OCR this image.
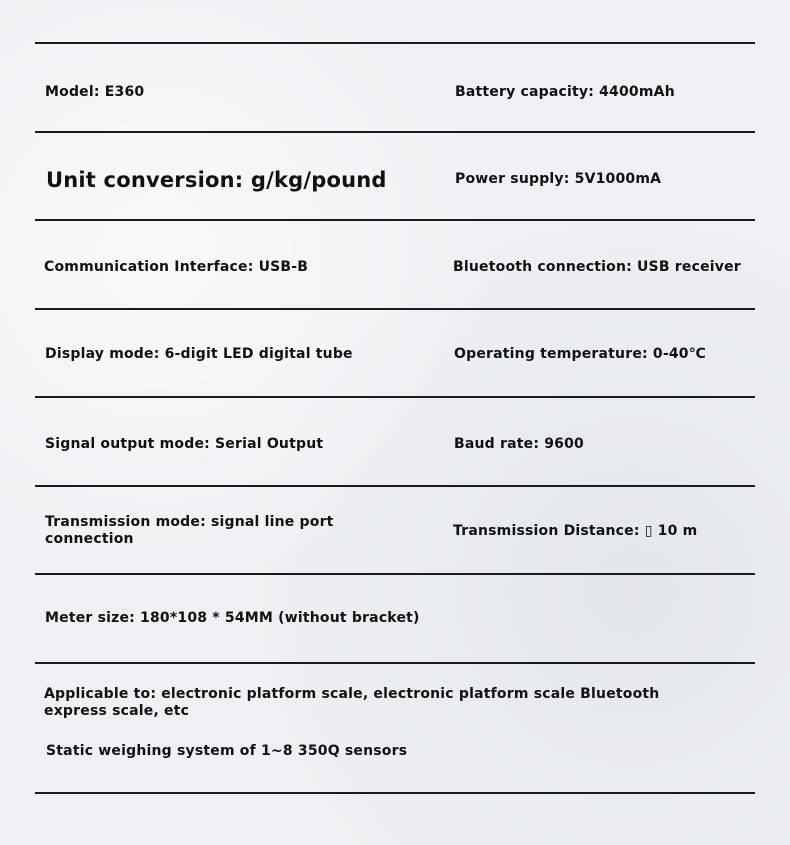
Model: E360	Battery capacity: 4400mAh
Unit conversion: g/kg/pound	Power supply: 5V1000mA
Communication Interface: USB-B	Bluetooth connection: USB receiver
Display mode: 6-digit LED digital tube	Operating temperature: 0-40℃
Signal output mode: Serial Output	Baud rate: 9600
Transmission mode: signal line port
connection	Transmission Distance: ▯ 10 m
Meter size: 180*108 * 54MM (without bracket)
Applicable to: electronic platform scale, electronic platform scale Bluetooth
express scale, etc
Static weighing system of 1~8 350Q sensors
